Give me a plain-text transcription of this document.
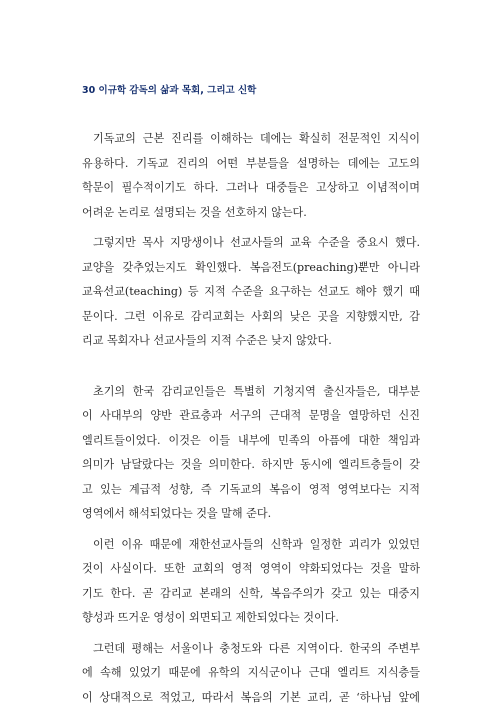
30 이규학 감독의 삶과 목회, 그리고 신학
기독교의 근본 진리를 이해하는 데에는 확실히 전문적인 지식이
유용하다. 기독교 진리의 어떤 부분들을 설명하는 데에는 고도의
학문이 필수적이기도 하다. 그러나 대중들은 고상하고 이념적이며
어려운 논리로 설명되는 것을 선호하지 않는다.
그렇지만 목사 지망생이나 선교사들의 교육 수준을 중요시 했다.
교양을 갖추었는지도 확인했다. 복음전도(preaching)뿐만 아니라
교육선교(teaching) 등 지적 수준을 요구하는 선교도 해야 했기 때
문이다. 그런 이유로 감리교회는 사회의 낮은 곳을 지향했지만, 감
리교 목회자나 선교사들의 지적 수준은 낮지 않았다.
초기의 한국 감리교인들은 특별히 기청지역 출신자들은, 대부분
이 사대부의 양반 관료층과 서구의 근대적 문명을 열망하던 신진
엘리트들이었다. 이것은 이들 내부에 민족의 아픔에 대한 책임과
의미가 남달랐다는 것을 의미한다. 하지만 동시에 엘리트층들이 갖
고 있는 계급적 성향, 즉 기독교의 복음이 영적 영역보다는 지적
영역에서 해석되었다는 것을 말해 준다.
이런 이유 때문에 재한선교사들의 신학과 일정한 괴리가 있었던
것이 사실이다. 또한 교회의 영적 영역이 약화되었다는 것을 말하
기도 한다. 곧 감리교 본래의 신학, 복음주의가 갖고 있는 대중지
향성과 뜨거운 영성이 외면되고 제한되었다는 것이다.
그런데 평해는 서울이나 충청도와 다른 지역이다. 한국의 주변부
에 속해 있었기 때문에 유학의 지식군이나 근대 엘리트 지식층들
이 상대적으로 적었고, 따라서 복음의 기본 교리, 곧 ‘하나님 앞에
